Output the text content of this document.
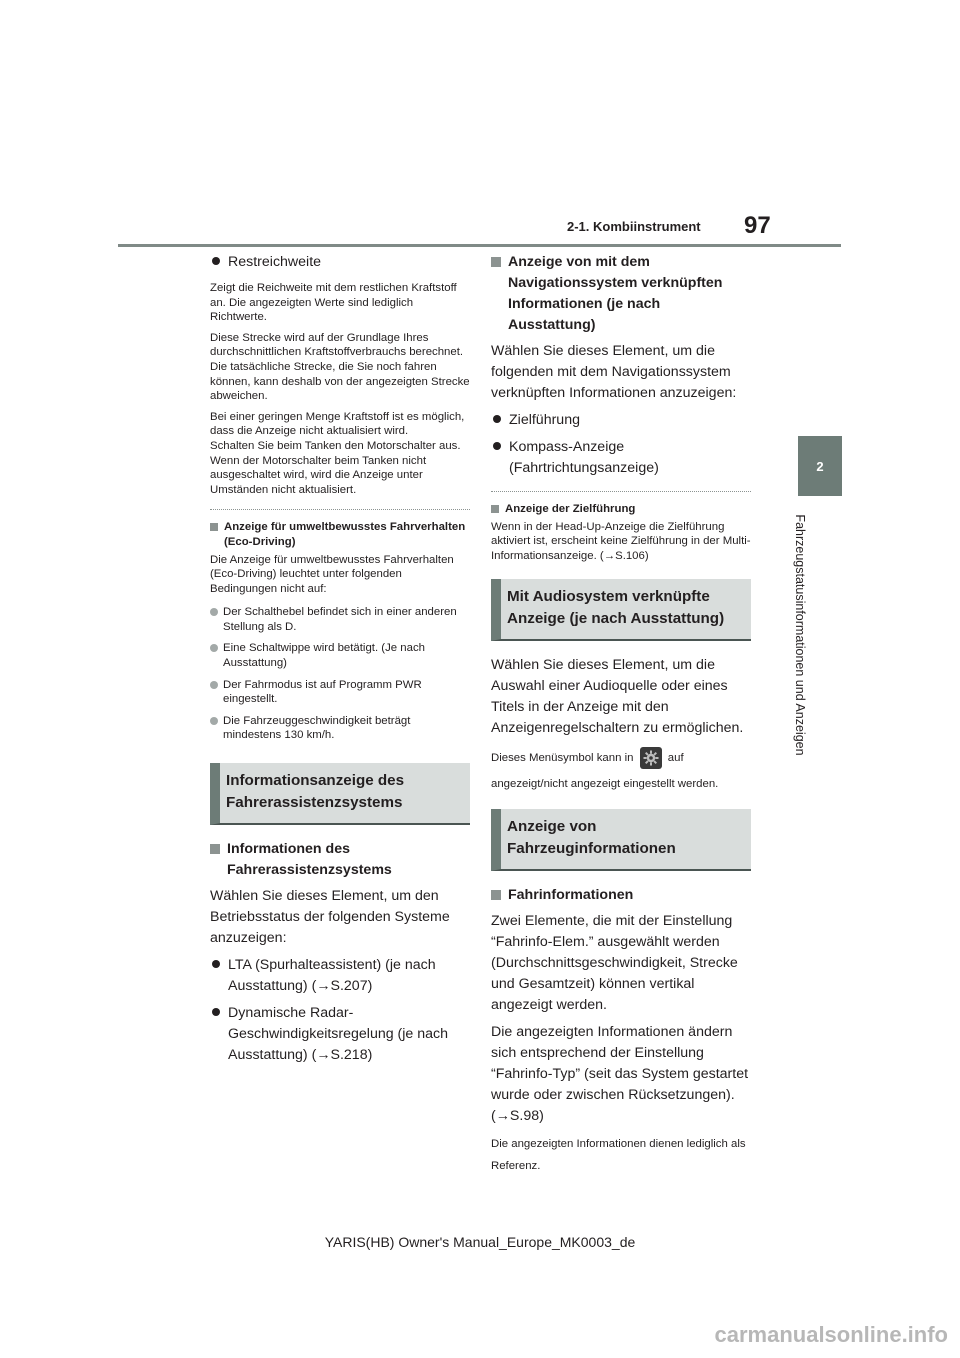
2-1. Kombiinstrument 97
2
Fahrzeugstatusinformationen und Anzeigen
Restreichweite

Zeigt die Reichweite mit dem restlichen Kraftstoff an. Die angezeigten Werte sind lediglich Richtwerte.

Diese Strecke wird auf der Grundlage Ihres durchschnittlichen Kraftstoffverbrauchs berechnet. Die tatsächliche Strecke, die Sie noch fahren können, kann deshalb von der angezeigten Strecke abweichen.

Bei einer geringen Menge Kraftstoff ist es möglich, dass die Anzeige nicht aktualisiert wird.

Schalten Sie beim Tanken den Motorschalter aus. Wenn der Motorschalter beim Tanken nicht ausgeschaltet wird, wird die Anzeige unter Umständen nicht aktualisiert.

Anzeige für umweltbewusstes Fahrverhalten (Eco-Driving)

Die Anzeige für umweltbewusstes Fahrverhalten (Eco-Driving) leuchtet unter folgenden Bedingungen nicht auf:

Der Schalthebel befindet sich in einer anderen Stellung als D.
Eine Schaltwippe wird betätigt. (Je nach Ausstattung)
Der Fahrmodus ist auf Programm PWR eingestellt.
Die Fahrzeuggeschwindigkeit beträgt mindestens 130 km/h.
Informationsanzeige des Fahrerassistenzsystems
Informationen des Fahrerassistenzsystems

Wählen Sie dieses Element, um den Betriebsstatus der folgenden Systeme anzuzeigen:

LTA (Spurhalteassistent) (je nach Ausstattung) (→S.207)
Dynamische Radar-Geschwindigkeitsregelung (je nach Ausstattung) (→S.218)
Anzeige von mit dem Navigationssystem verknüpften Informationen (je nach Ausstattung)

Wählen Sie dieses Element, um die folgenden mit dem Navigationssystem verknüpften Informationen anzuzeigen:

Zielführung
Kompass-Anzeige (Fahrtrichtungsanzeige)
Anzeige der Zielführung

Wenn in der Head-Up-Anzeige die Zielführung aktiviert ist, erscheint keine Zielführung in der Multi-Informationsanzeige. (→S.106)

Mit Audiosystem verknüpfte Anzeige (je nach Ausstattung)

Wählen Sie dieses Element, um die Auswahl einer Audioquelle oder eines Titels in der Anzeige mit den Anzeigenregelschaltern zu ermöglichen.

Dieses Menüsymbol kann in	auf angezeigt/nicht angezeigt eingestellt werden.

Anzeige von Fahrzeuginformationen
Fahrinformationen

Zwei Elemente, die mit der Einstellung “Fahrinfo-Elem.” ausgewählt werden (Durchschnittsgeschwindigkeit, Strecke und Gesamtzeit) können vertikal angezeigt werden.

Die angezeigten Informationen ändern sich entsprechend der Einstellung “Fahrinfo-Typ” (seit das System gestartet wurde oder zwischen Rücksetzungen). (→S.98)

Die angezeigten Informationen dienen lediglich als Referenz.

YARIS(HB) Owner's Manual_Europe_MK0003_de
carmanualsonline.info
